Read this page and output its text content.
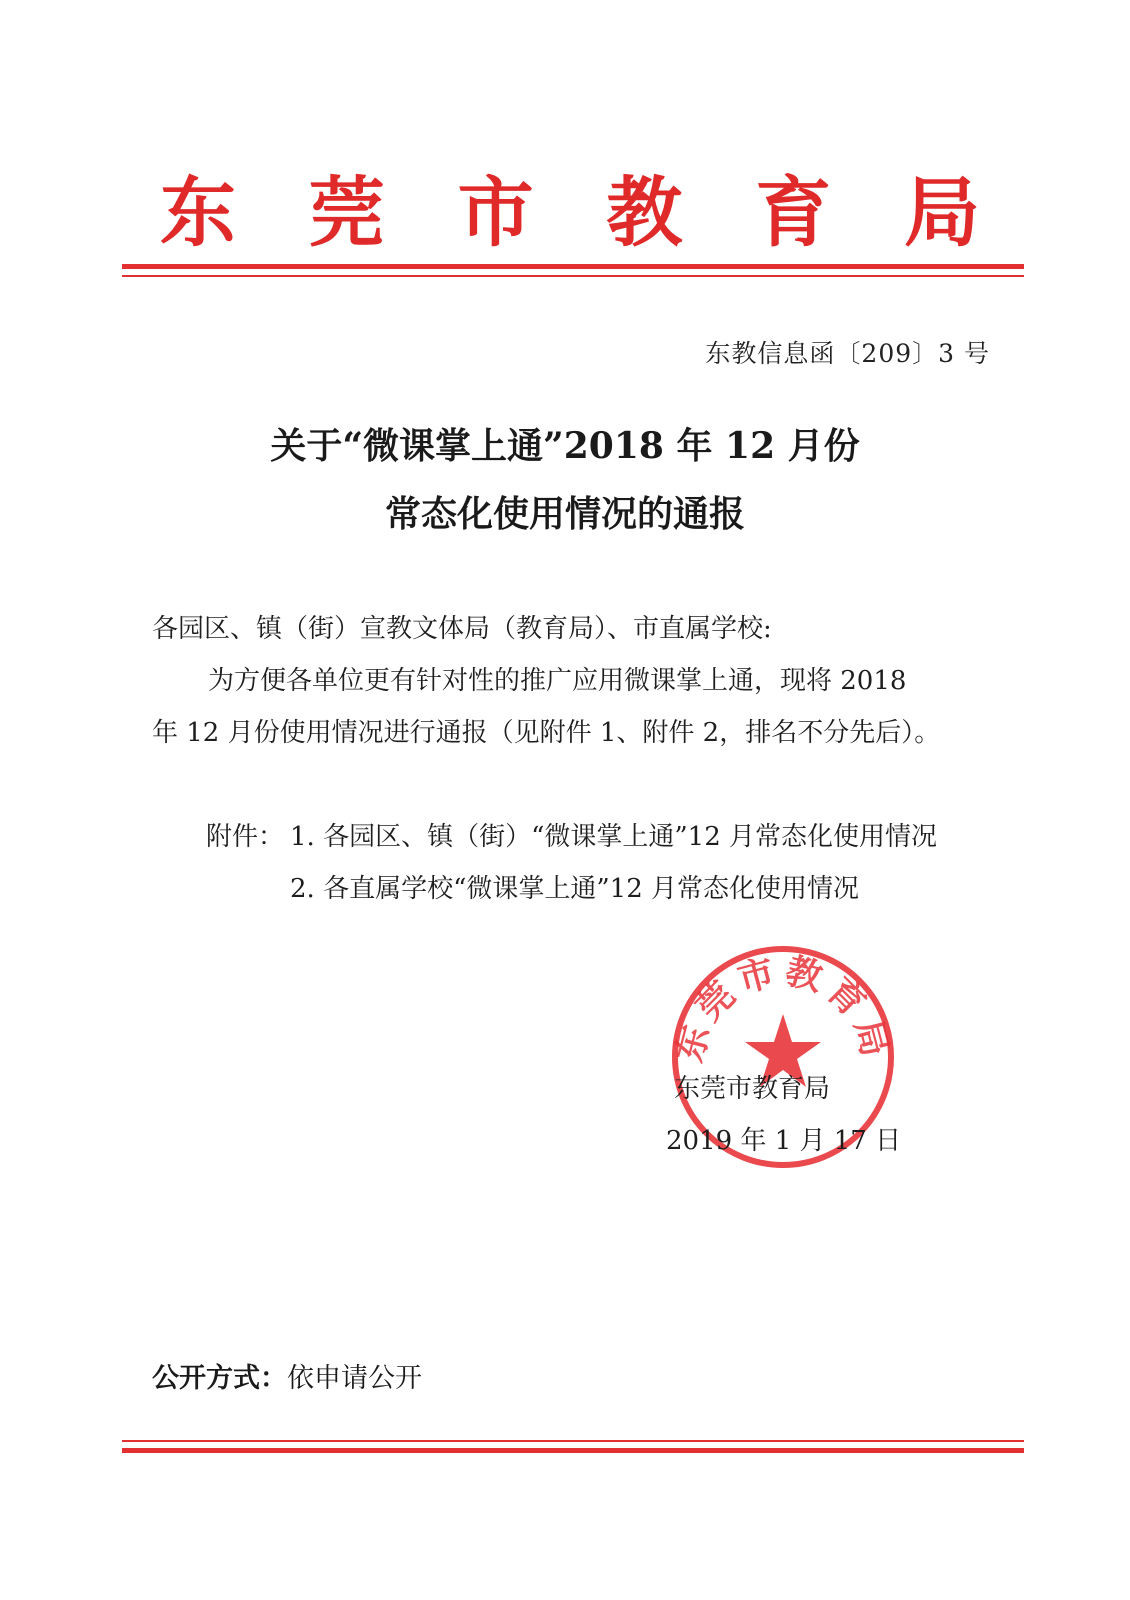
东 莞 市 教 育 局
东教信息函〔209〕3 号
关于“微课掌上通”2018 年 12 月份
常态化使用情况的通报
各园区、镇（街）宣教文体局（教育局）、市直属学校:
为方便各单位更有针对性的推广应用微课掌上通，现将 2018
年 12 月份使用情况进行通报（见附件 1、附件 2，排名不分先后）。
附件： 1. 各园区、镇（街）“微课掌上通”12 月常态化使用情况
2. 各直属学校“微课掌上通”12 月常态化使用情况
东莞市教育局
东莞市教育局
2019 年 1 月 17 日
公开方式：依申请公开
